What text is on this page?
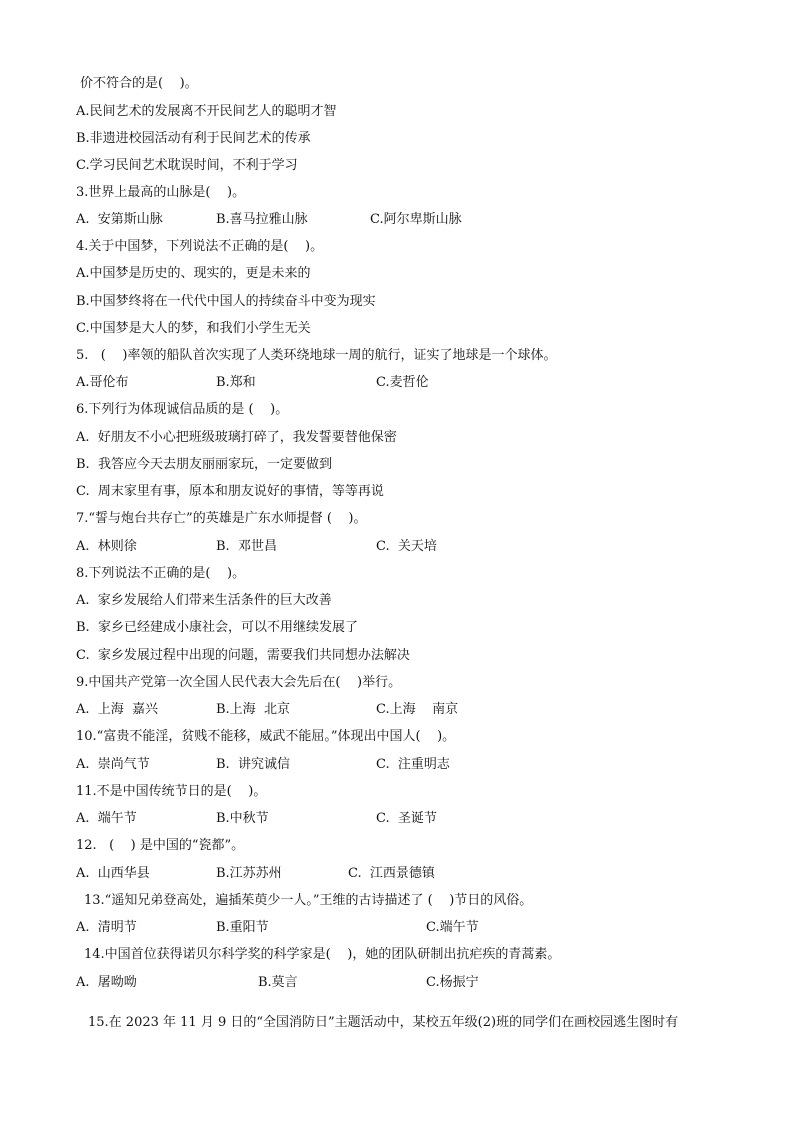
价不符合的是(    )。
A.民间艺术的发展离不开民间艺人的聪明才智
B.非遗进校园活动有利于民间艺术的传承
C.学习民间艺术耽误时间，不利于学习
3.世界上最高的山脉是(    )。
A.  安第斯山脉	B.喜马拉雅山脉	C.阿尔卑斯山脉
4.关于中国梦，下列说法不正确的是(    )。
A.中国梦是历史的、现实的，更是未来的
B.中国梦终将在一代代中国人的持续奋斗中变为现实
C.中国梦是大人的梦，和我们小学生无关
5.   (    )率领的船队首次实现了人类环绕地球一周的航行，证实了地球是一个球体。
A.哥伦布	B.郑和	C.麦哲伦
6.下列行为体现诚信品质的是 (    )。
A.  好朋友不小心把班级玻璃打碎了，我发誓要替他保密
B.  我答应今天去朋友丽丽家玩，一定要做到
C.  周末家里有事，原本和朋友说好的事情，等等再说
7.“誓与炮台共存亡”的英雄是广东水师提督 (    )。
A.  林则徐	B.  邓世昌	C.  关天培
8.下列说法不正确的是(    )。
A.  家乡发展给人们带来生活条件的巨大改善
B.  家乡已经建成小康社会，可以不用继续发展了
C.  家乡发展过程中出现的问题，需要我们共同想办法解决
9.中国共产党第一次全国人民代表大会先后在(    )举行。
A.  上海  嘉兴	B.上海  北京	C.上海    南京
10.“富贵不能淫，贫贱不能移，威武不能屈。”体现出中国人(    )。
A.  崇尚气节	B.  讲究诚信	C.  注重明志
11.不是中国传统节日的是(    )。
A.  端午节	B.中秋节	C.  圣诞节
12.   (    ) 是中国的“瓷都”。
A.  山西华县	B.江苏苏州	C.  江西景德镇
13.“遥知兄弟登高处，遍插茱萸少一人。”王维的古诗描述了 (    )节日的风俗。
A.  清明节	B.重阳节	C.端午节
14.中国首位获得诺贝尔科学奖的科学家是(    )，她的团队研制出抗疟疾的青蒿素。
A.  屠呦呦	B.莫言	C.杨振宁
15.在 2023 年 11 月 9 日的“全国消防日”主题活动中，某校五年级(2)班的同学们在画校园逃生图时有
